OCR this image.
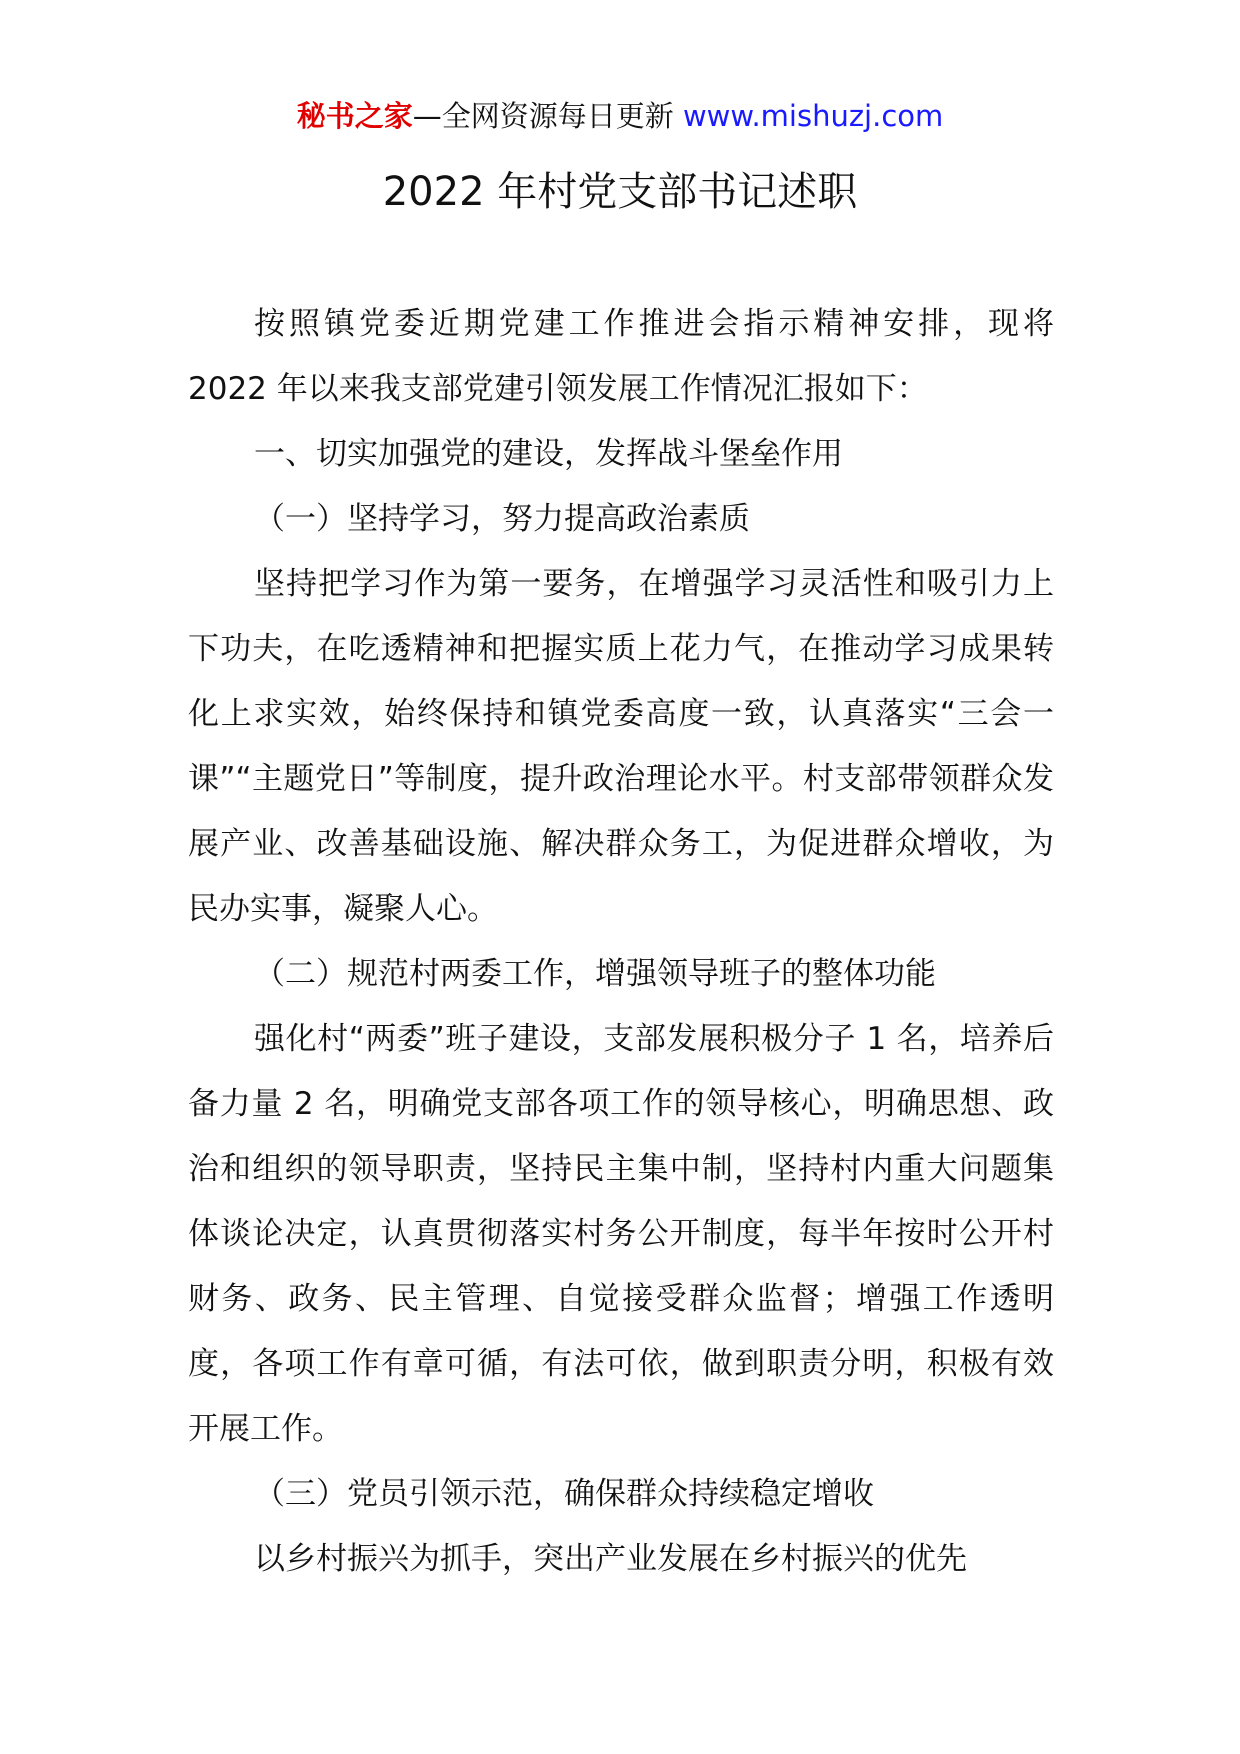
秘书之家—全网资源每日更新 www.mishuzj.com
2022 年村党支部书记述职

按照镇党委近期党建工作推进会指示精神安排，现将 2022 年以来我支部党建引领发展工作情况汇报如下：

一、切实加强党的建设，发挥战斗堡垒作用

（一）坚持学习，努力提高政治素质

坚持把学习作为第一要务，在增强学习灵活性和吸引力上下功夫，在吃透精神和把握实质上花力气，在推动学习成果转化上求实效，始终保持和镇党委高度一致，认真落实“三会一课”“主题党日”等制度，提升政治理论水平。村支部带领群众发展产业、改善基础设施、解决群众务工，为促进群众增收，为民办实事，凝聚人心。

（二）规范村两委工作，增强领导班子的整体功能

强化村“两委”班子建设，支部发展积极分子 1 名，培养后备力量 2 名，明确党支部各项工作的领导核心，明确思想、政治和组织的领导职责，坚持民主集中制，坚持村内重大问题集体谈论决定，认真贯彻落实村务公开制度，每半年按时公开村财务、政务、民主管理、自觉接受群众监督；增强工作透明度，各项工作有章可循，有法可依，做到职责分明，积极有效开展工作。

（三）党员引领示范，确保群众持续稳定增收

以乡村振兴为抓手，突出产业发展在乡村振兴的优先
